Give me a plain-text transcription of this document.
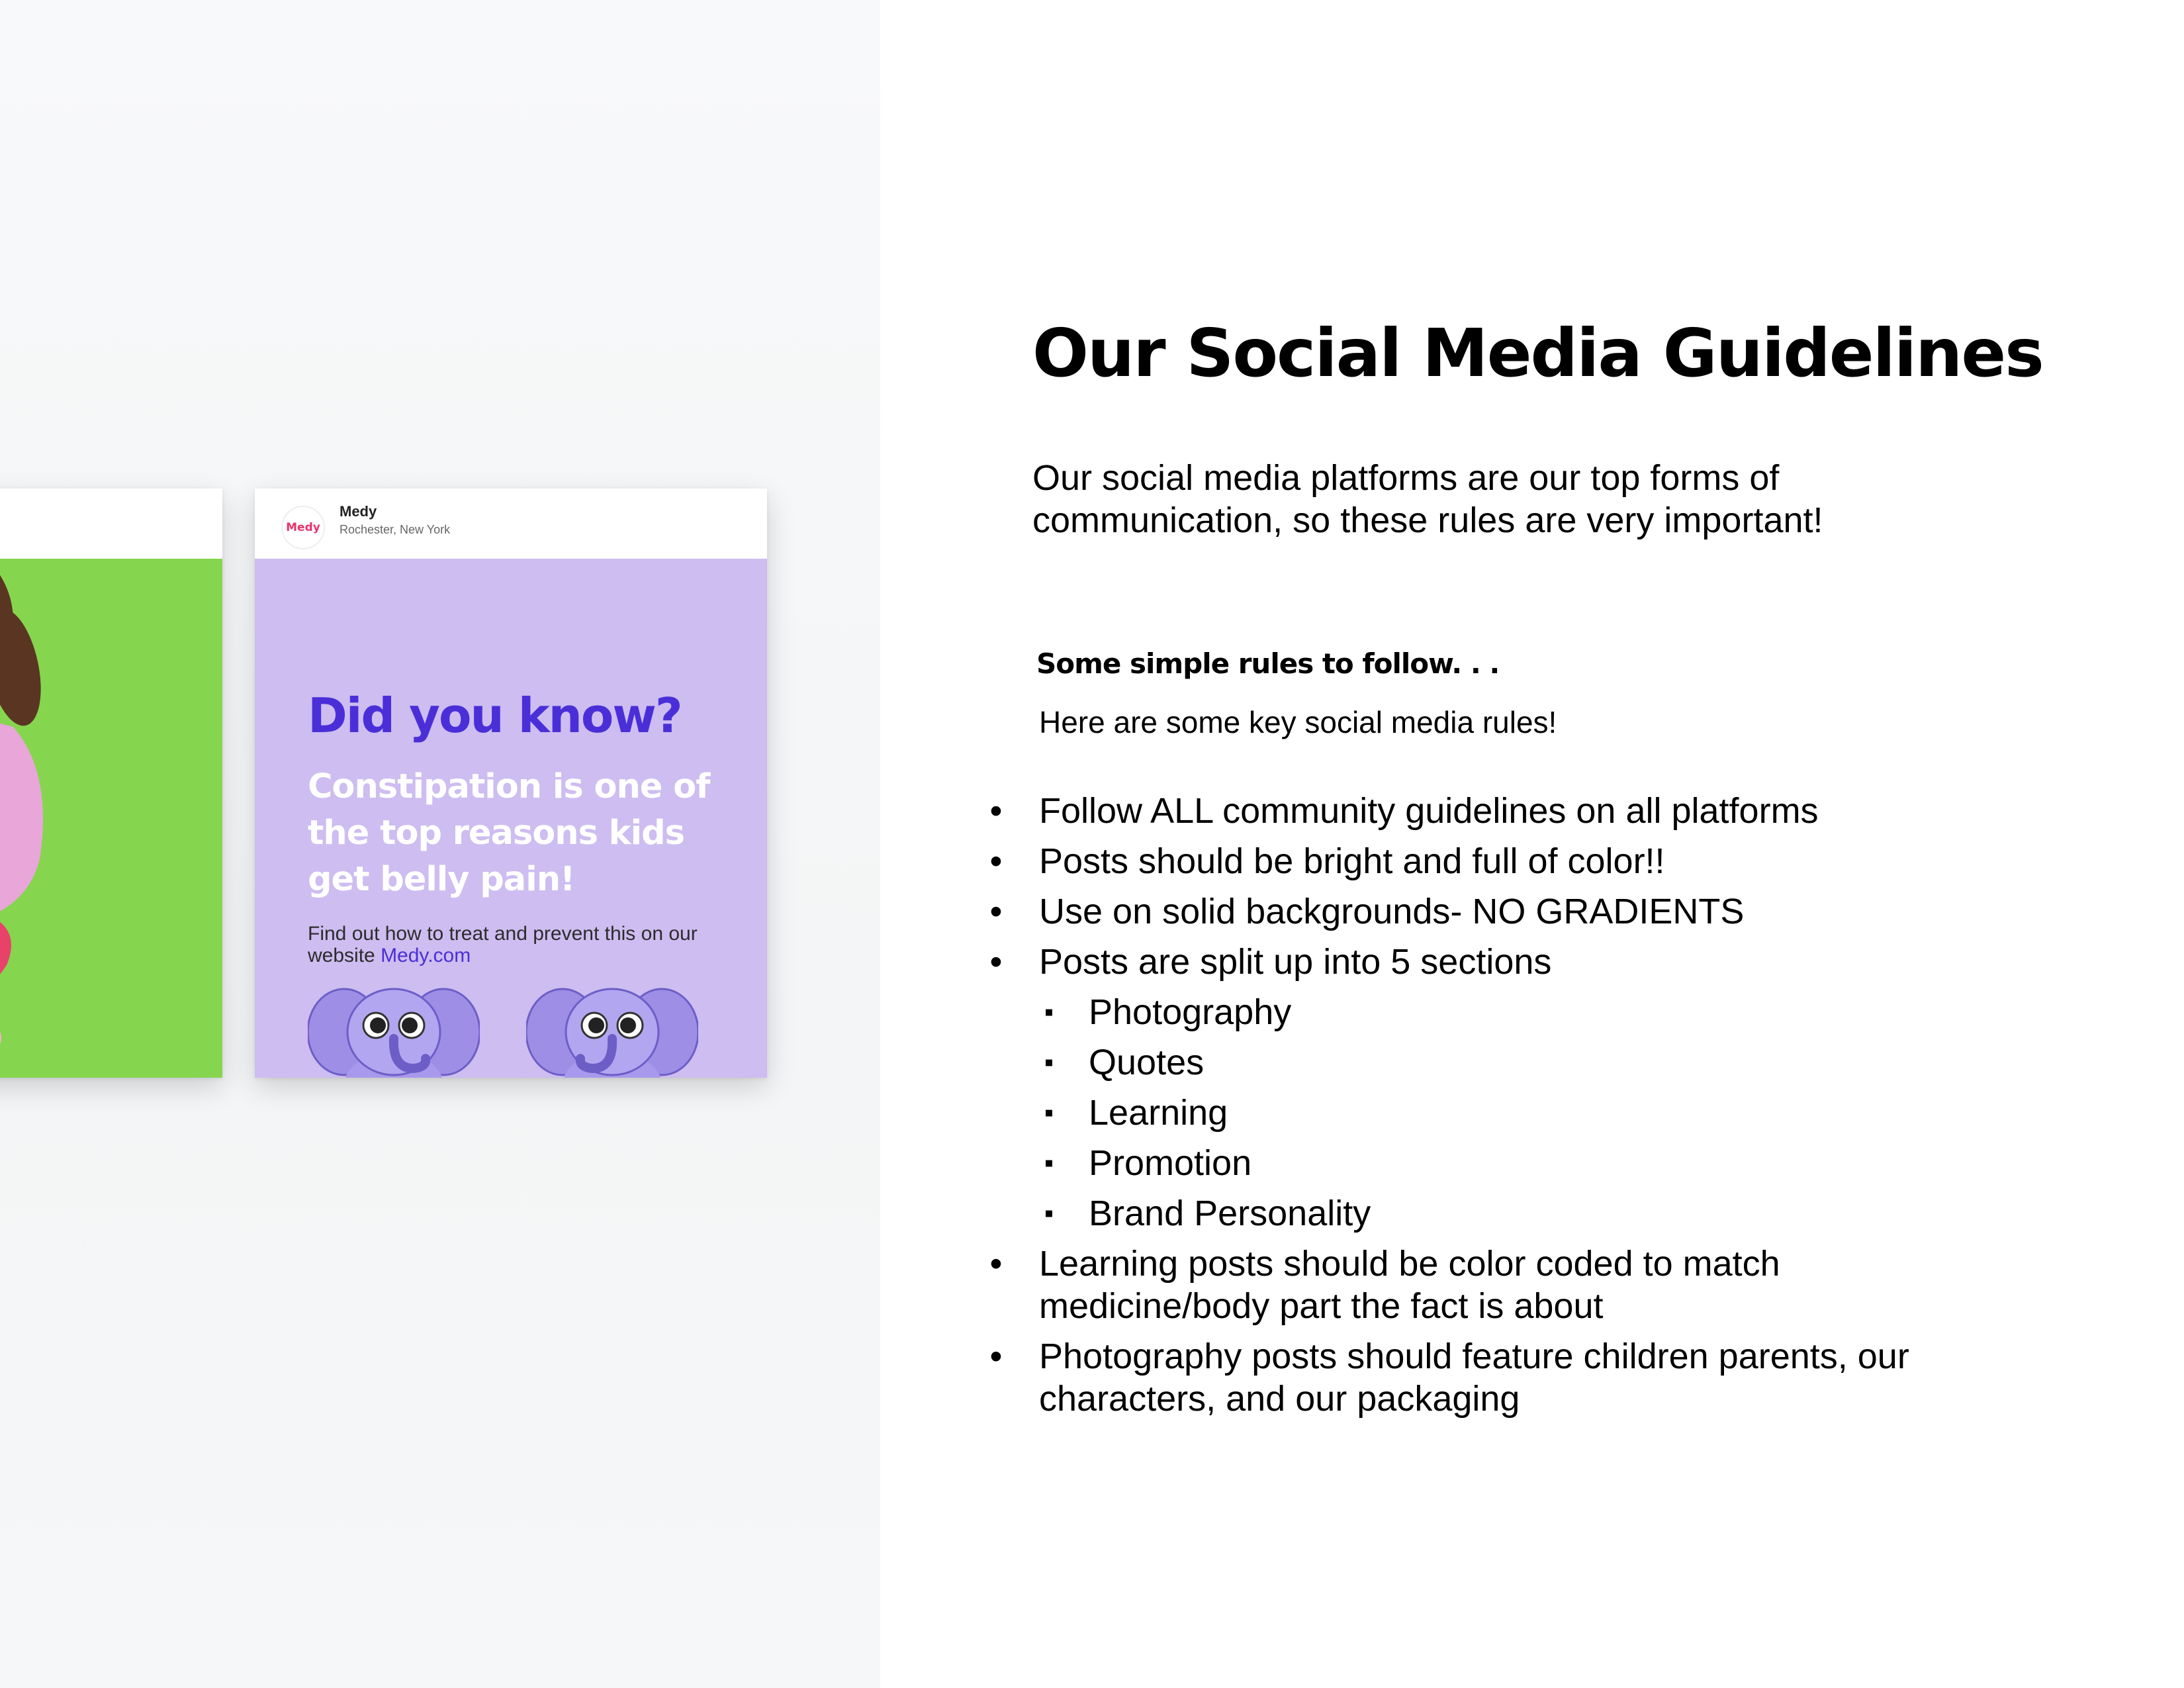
Medy
Medy
Rochester, New York
Did you know?
Constipation is one of the top reasons kids get belly pain!
Find out how to treat and prevent this on our website Medy.com
Our Social Media Guidelines
Our social media platforms are our top forms of communication, so these rules are very important!
Some simple rules to follow. . .
Here are some key social media rules!
• Follow ALL community guidelines on all platforms
• Posts should be bright and full of color!!
• Use on solid backgrounds- NO GRADIENTS
• Posts are split up into 5 sections
▪ Photography
▪ Quotes
▪ Learning
▪ Promotion
▪ Brand Personality
• Learning posts should be color coded to match medicine/body part the fact is about
• Photography posts should feature children parents, our characters, and our packaging
